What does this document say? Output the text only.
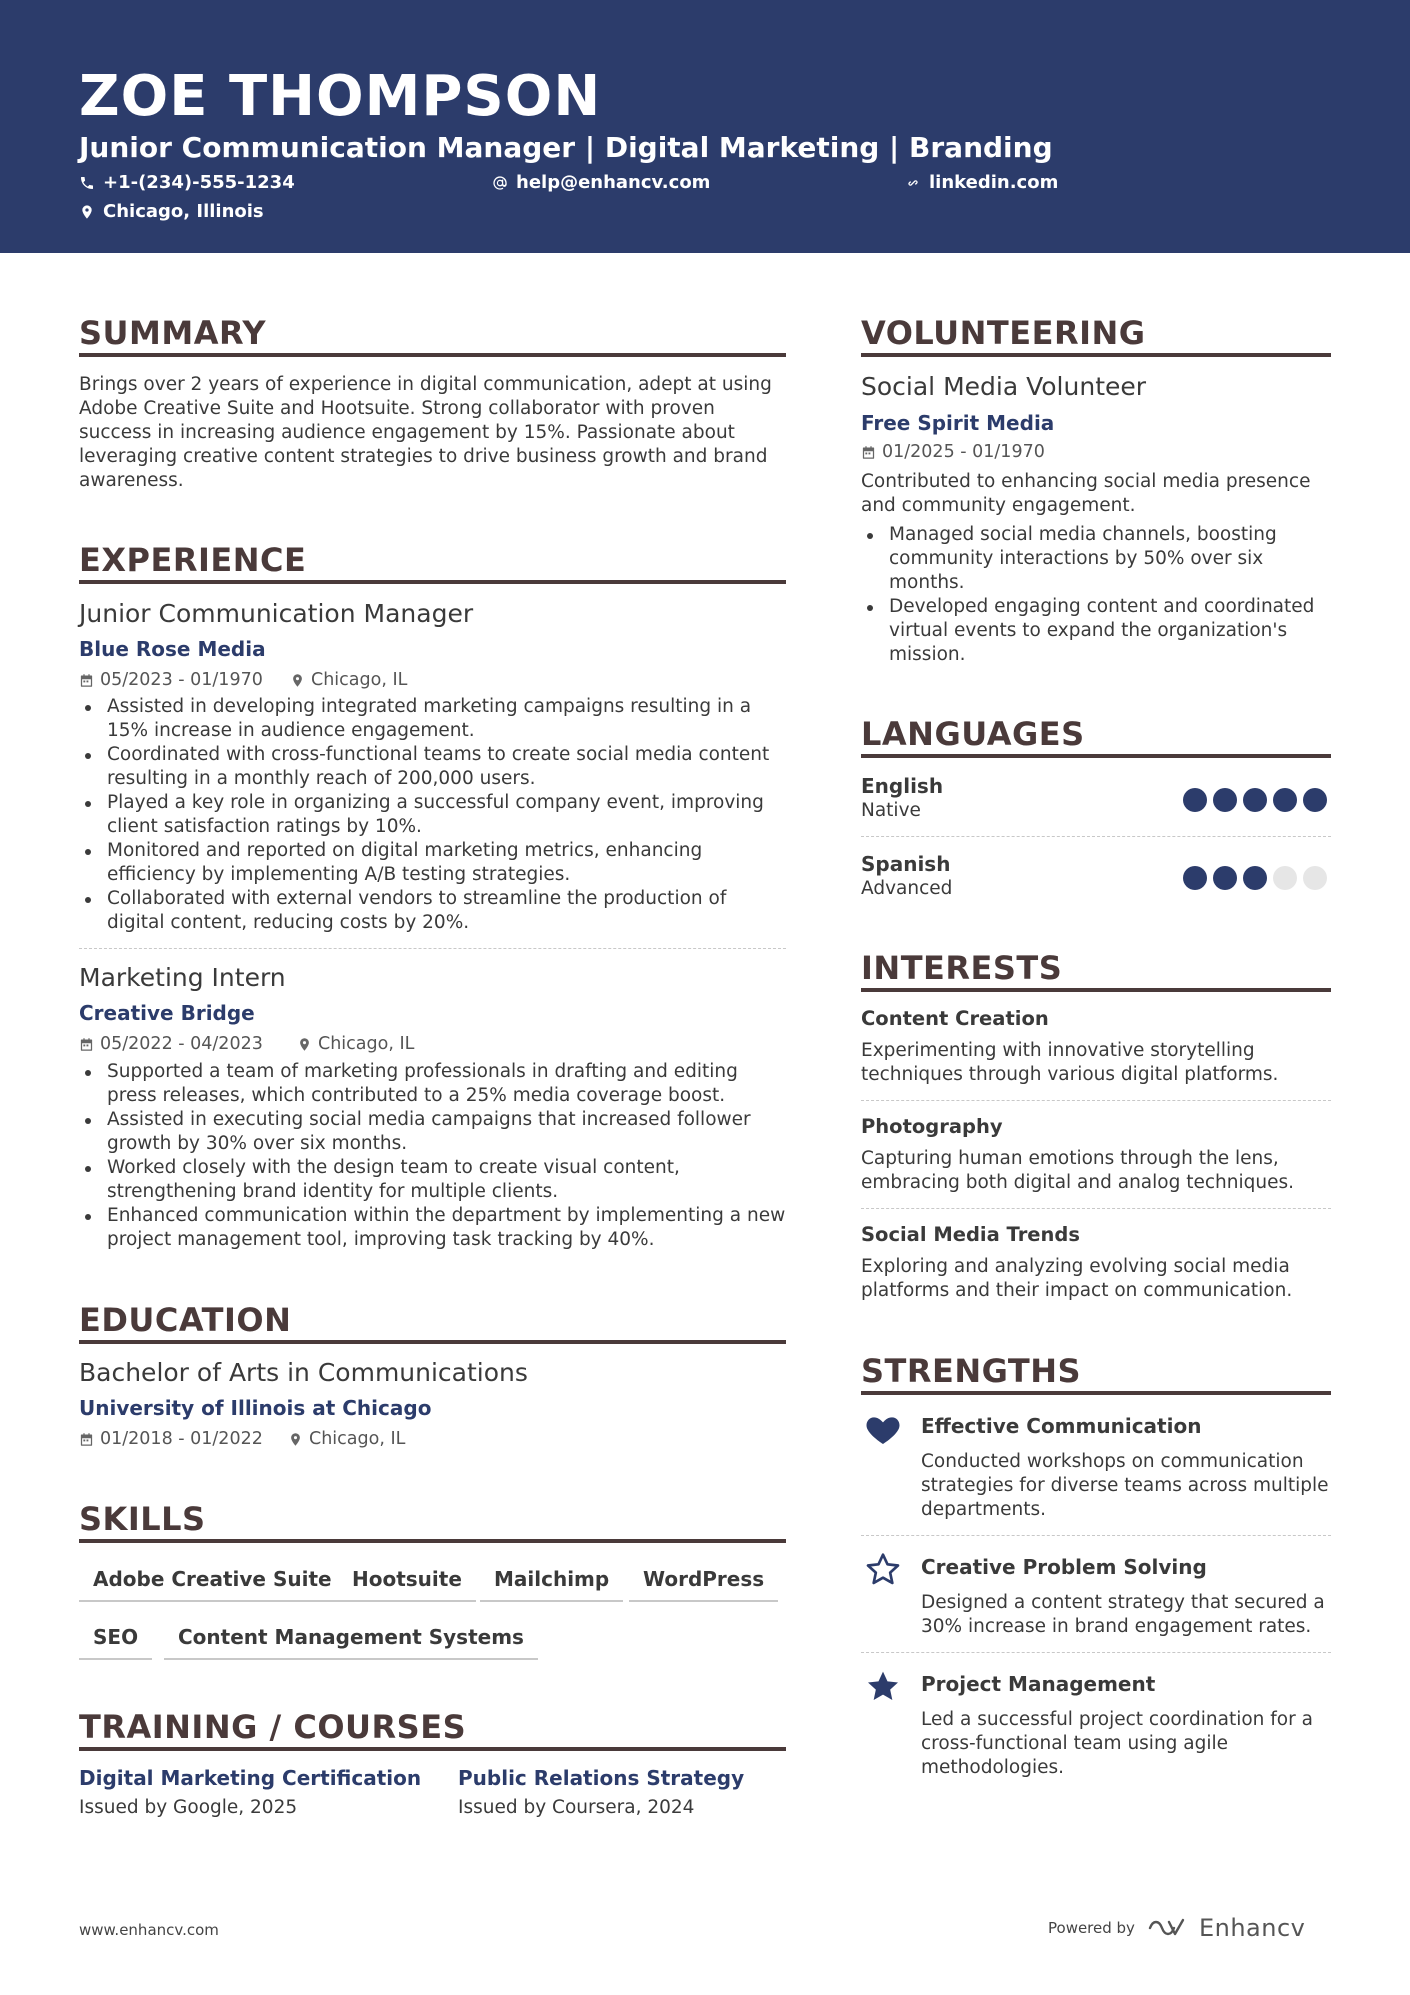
ZOE THOMPSON
Junior Communication Manager | Digital Marketing | Branding
+1-(234)-555-1234	help@enhancv.com	linkedin.com
Chicago, Illinois
SUMMARY
Brings over 2 years of experience in digital communication, adept at using Adobe Creative Suite and Hootsuite. Strong collaborator with proven success in increasing audience engagement by 15%. Passionate about leveraging creative content strategies to drive business growth and brand awareness.
EXPERIENCE
Junior Communication Manager
Blue Rose Media
05/2023 - 01/1970	Chicago, IL
Assisted in developing integrated marketing campaigns resulting in a 15% increase in audience engagement.
Coordinated with cross-functional teams to create social media content resulting in a monthly reach of 200,000 users.
Played a key role in organizing a successful company event, improving client satisfaction ratings by 10%.
Monitored and reported on digital marketing metrics, enhancing efficiency by implementing A/B testing strategies.
Collaborated with external vendors to streamline the production of digital content, reducing costs by 20%.
Marketing Intern
Creative Bridge
05/2022 - 04/2023	Chicago, IL
Supported a team of marketing professionals in drafting and editing press releases, which contributed to a 25% media coverage boost.
Assisted in executing social media campaigns that increased follower growth by 30% over six months.
Worked closely with the design team to create visual content, strengthening brand identity for multiple clients.
Enhanced communication within the department by implementing a new project management tool, improving task tracking by 40%.
EDUCATION
Bachelor of Arts in Communications
University of Illinois at Chicago
01/2018 - 01/2022	Chicago, IL
SKILLS
Adobe Creative Suite	Hootsuite	Mailchimp	WordPress
SEO	Content Management Systems
TRAINING / COURSES
Digital Marketing Certification
Issued by Google, 2025
Public Relations Strategy
Issued by Coursera, 2024
VOLUNTEERING
Social Media Volunteer
Free Spirit Media
01/2025 - 01/1970
Contributed to enhancing social media presence and community engagement.
Managed social media channels, boosting community interactions by 50% over six months.
Developed engaging content and coordinated virtual events to expand the organization's mission.
LANGUAGES
English
Native
Spanish
Advanced
INTERESTS
Content Creation
Experimenting with innovative storytelling techniques through various digital platforms.
Photography
Capturing human emotions through the lens, embracing both digital and analog techniques.
Social Media Trends
Exploring and analyzing evolving social media platforms and their impact on communication.
STRENGTHS
Effective Communication
Conducted workshops on communication strategies for diverse teams across multiple departments.
Creative Problem Solving
Designed a content strategy that secured a 30% increase in brand engagement rates.
Project Management
Led a successful project coordination for a cross-functional team using agile methodologies.
www.enhancv.com	Powered by	Enhancv
